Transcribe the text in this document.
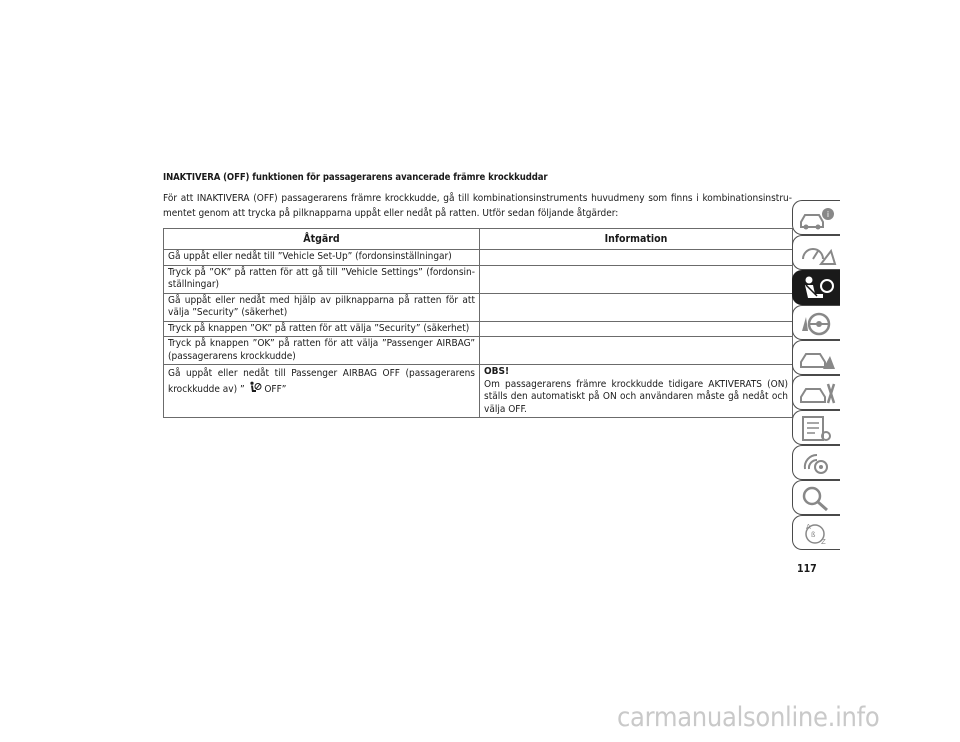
INAKTIVERA (OFF) funktionen för passagerarens avancerade främre krockkuddar
För att INAKTIVERA (OFF) passagerarens främre krockkudde, gå till kombinationsinstruments huvudmeny som finns i kombinationsinstrumentet genom att trycka på pilknapparna uppåt eller nedåt på ratten. Utför sedan följande åtgärder:
Åtgärd	Information
Gå uppåt eller nedåt till ”Vehicle Set-Up” (fordonsinställningar)	
Tryck på ”OK” på ratten för att gå till ”Vehicle Settings” (fordonsinställningar)	
Gå uppåt eller nedåt med hjälp av pilknapparna på ratten för att välja ”Security” (säkerhet)	
Tryck på knappen ”OK” på ratten för att välja ”Security” (säkerhet)	
Tryck på knappen ”OK” på ratten för att välja ”Passenger AIRBAG” (passagerarens krockkudde)	
Gå uppåt eller nedåt till Passenger AIRBAG OFF (passagerarens krockkudde av) ”  OFF”	OBS!
Om passagerarens främre krockkudde tidigare AKTIVERATS (ON) ställs den automatiskt på ON och användaren måste gå nedåt och välja OFF.
117
i
A
Z
ß
carmanualsonline.info
